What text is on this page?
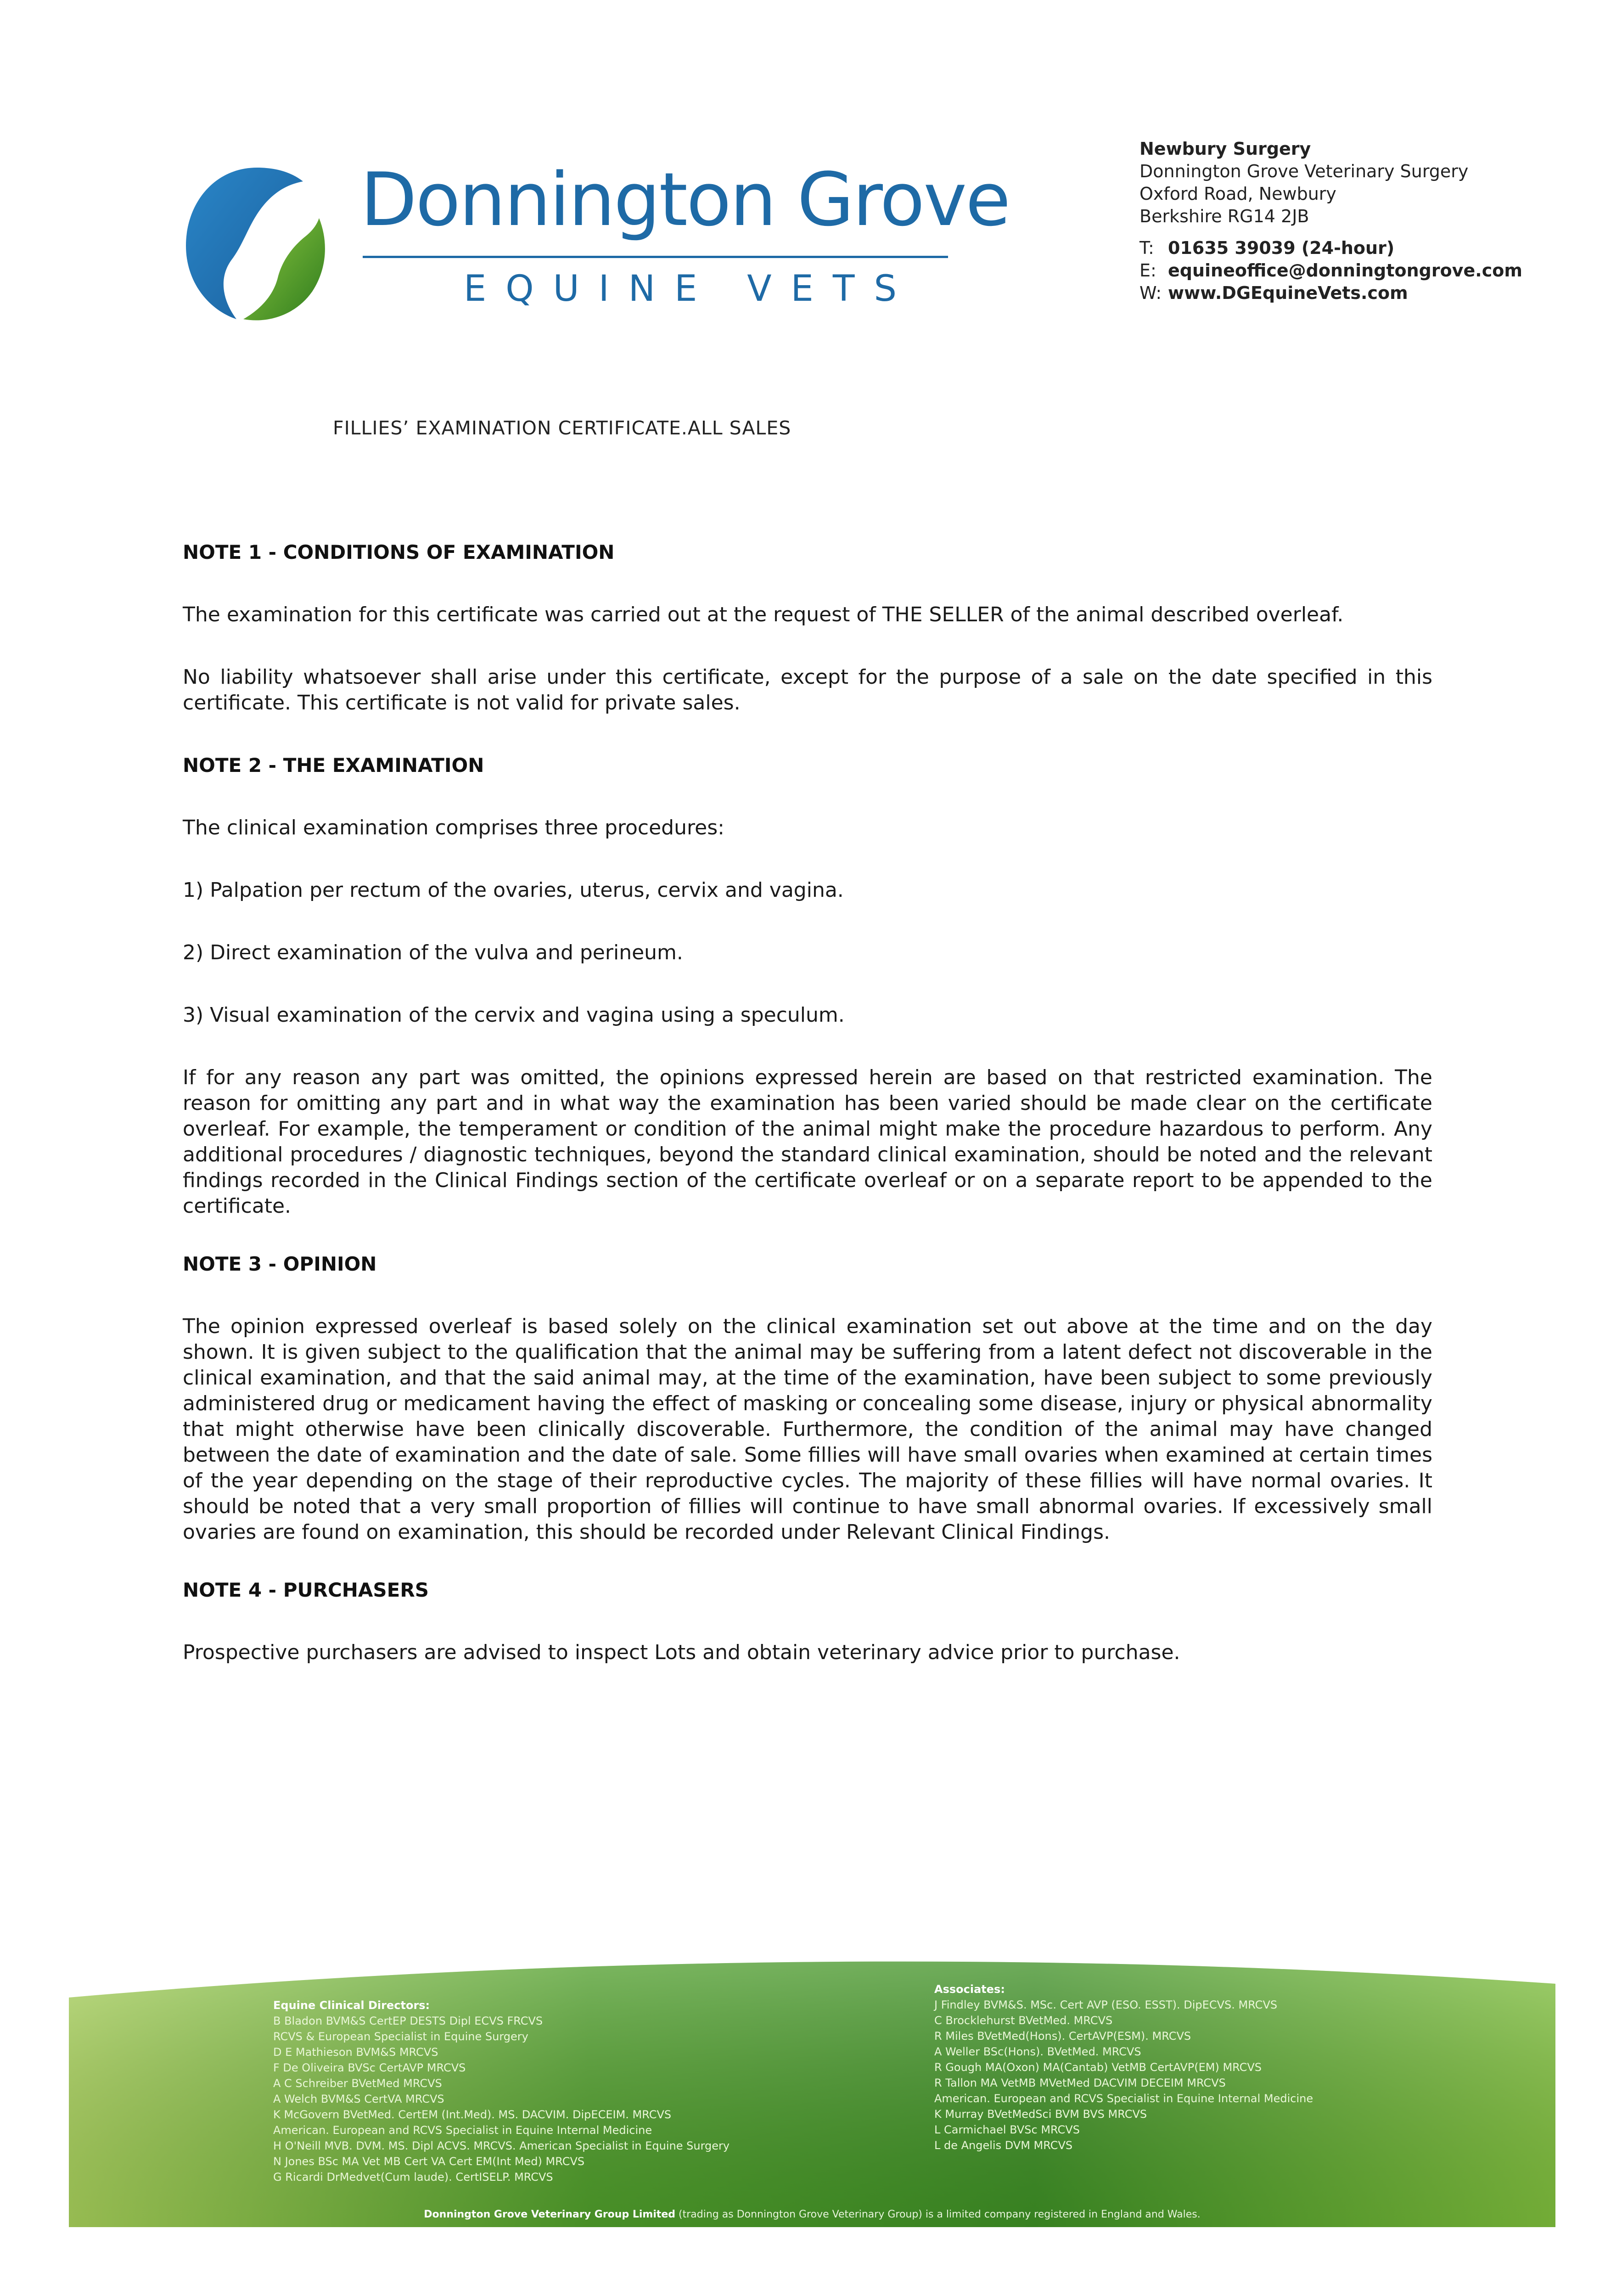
Donnington Grove
EQUINE VETS
Newbury Surgery
Donnington Grove Veterinary Surgery
Oxford Road, Newbury
Berkshire RG14 2JB
T: 01635 39039 (24-hour)
E: equineoffice@donningtongrove.com
W: www.DGEquineVets.com
FILLIES’ EXAMINATION CERTIFICATE.ALL SALES
NOTE 1 - CONDITIONS OF EXAMINATION

The examination for this certificate was carried out at the request of THE SELLER of the animal described overleaf.

No liability whatsoever shall arise under this certificate, except for the purpose of a sale on the date specified in this certificate. This certificate is not valid for private sales.

NOTE 2 - THE EXAMINATION

The clinical examination comprises three procedures:

1) Palpation per rectum of the ovaries, uterus, cervix and vagina.

2) Direct examination of the vulva and perineum.

3) Visual examination of the cervix and vagina using a speculum.

If for any reason any part was omitted, the opinions expressed herein are based on that restricted examination. The reason for omitting any part and in what way the examination has been varied should be made clear on the certificate overleaf. For example, the temperament or condition of the animal might make the procedure hazardous to perform. Any additional procedures / diagnostic techniques, beyond the standard clinical examination, should be noted and the relevant findings recorded in the Clinical Findings section of the certificate overleaf or on a separate report to be appended to the certificate.

NOTE 3 - OPINION

The opinion expressed overleaf is based solely on the clinical examination set out above at the time and on the day shown. It is given subject to the qualification that the animal may be suffering from a latent defect not discoverable in the clinical examination, and that the said animal may, at the time of the examination, have been subject to some previously administered drug or medicament having the effect of masking or concealing some disease, injury or physical abnormality that might otherwise have been clinically discoverable. Furthermore, the condition of the animal may have changed between the date of examination and the date of sale. Some fillies will have small ovaries when examined at certain times of the year depending on the stage of their reproductive cycles. The majority of these fillies will have normal ovaries. It should be noted that a very small proportion of fillies will continue to have small abnormal ovaries. If excessively small ovaries are found on examination, this should be recorded under Relevant Clinical Findings.

NOTE 4 - PURCHASERS

Prospective purchasers are advised to inspect Lots and obtain veterinary advice prior to purchase.

Equine Clinical Directors:
B Bladon BVM&S CertEP DESTS Dipl ECVS FRCVS
RCVS & European Specialist in Equine Surgery
D E Mathieson BVM&S MRCVS
F De Oliveira BVSc CertAVP MRCVS
A C Schreiber BVetMed MRCVS
A Welch BVM&S CertVA MRCVS
K McGovern BVetMed. CertEM (Int.Med). MS. DACVIM. DipECEIM. MRCVS
American. European and RCVS Specialist in Equine Internal Medicine
H O'Neill MVB. DVM. MS. Dipl ACVS. MRCVS. American Specialist in Equine Surgery
N Jones BSc MA Vet MB Cert VA Cert EM(Int Med) MRCVS
G Ricardi DrMedvet(Cum laude). CertISELP. MRCVS
Associates:
J Findley BVM&S. MSc. Cert AVP (ESO. ESST). DipECVS. MRCVS
C Brocklehurst BVetMed. MRCVS
R Miles BVetMed(Hons). CertAVP(ESM). MRCVS
A Weller BSc(Hons). BVetMed. MRCVS
R Gough MA(Oxon) MA(Cantab) VetMB CertAVP(EM) MRCVS
R Tallon MA VetMB MVetMed DACVIM DECEIM MRCVS
American. European and RCVS Specialist in Equine Internal Medicine
K Murray BVetMedSci BVM BVS MRCVS
L Carmichael BVSc MRCVS
L de Angelis DVM MRCVS
Donnington Grove Veterinary Group Limited (trading as Donnington Grove Veterinary Group) is a limited company registered in England and Wales.
